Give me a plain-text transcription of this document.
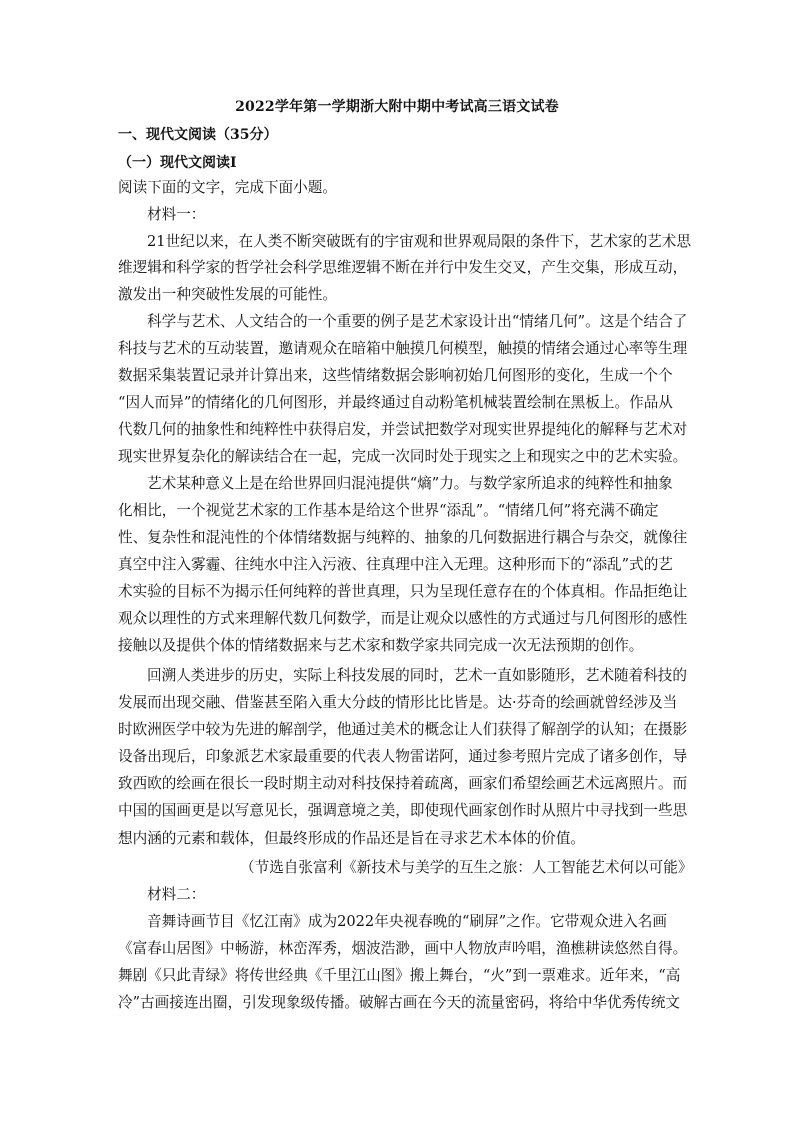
2022学年第一学期浙大附中期中考试高三语文试卷
一、现代文阅读（35分）
（一）现代文阅读Ⅰ
阅读下面的文字，完成下面小题。
材料一：
21世纪以来，在人类不断突破既有的宇宙观和世界观局限的条件下，艺术家的艺术思
维逻辑和科学家的哲学社会科学思维逻辑不断在并行中发生交叉，产生交集，形成互动，
激发出一种突破性发展的可能性。
科学与艺术、人文结合的一个重要的例子是艺术家设计出“情绪几何”。这是个结合了
科技与艺术的互动装置，邀请观众在暗箱中触摸几何模型，触摸的情绪会通过心率等生理
数据采集装置记录并计算出来，这些情绪数据会影响初始几何图形的变化，生成一个个
“因人而异”的情绪化的几何图形，并最终通过自动粉笔机械装置绘制在黑板上。作品从
代数几何的抽象性和纯粹性中获得启发，并尝试把数学对现实世界提纯化的解释与艺术对
现实世界复杂化的解读结合在一起，完成一次同时处于现实之上和现实之中的艺术实验。
艺术某种意义上是在给世界回归混沌提供“熵”力。与数学家所追求的纯粹性和抽象
化相比，一个视觉艺术家的工作基本是给这个世界“添乱”。“情绪几何”将充满不确定
性、复杂性和混沌性的个体情绪数据与纯粹的、抽象的几何数据进行耦合与杂交，就像往
真空中注入雾霾、往纯水中注入污液、往真理中注入无理。这种形而下的“添乱”式的艺
术实验的目标不为揭示任何纯粹的普世真理，只为呈现任意存在的个体真相。作品拒绝让
观众以理性的方式来理解代数几何数学，而是让观众以感性的方式通过与几何图形的感性
接触以及提供个体的情绪数据来与艺术家和数学家共同完成一次无法预期的创作。
回溯人类进步的历史，实际上科技发展的同时，艺术一直如影随形，艺术随着科技的
发展而出现交融、借鉴甚至陷入重大分歧的情形比比皆是。达·芬奇的绘画就曾经涉及当
时欧洲医学中较为先进的解剖学，他通过美术的概念让人们获得了解剖学的认知；在摄影
设备出现后，印象派艺术家最重要的代表人物雷诺阿，通过参考照片完成了诸多创作，导
致西欧的绘画在很长一段时期主动对科技保持着疏离，画家们希望绘画艺术远离照片。而
中国的国画更是以写意见长，强调意境之美，即使现代画家创作时从照片中寻找到一些思
想内涵的元素和载体，但最终形成的作品还是旨在寻求艺术本体的价值。
（节选自张富利《新技术与美学的互生之旅：人工智能艺术何以可能》
材料二：
音舞诗画节目《忆江南》成为2022年央视春晚的“刷屏”之作。它带观众进入名画
《富春山居图》中畅游，林峦浑秀，烟波浩渺，画中人物放声吟唱，渔樵耕读悠然自得。
舞剧《只此青绿》将传世经典《千里江山图》搬上舞台，“火”到一票难求。近年来，“高
冷”古画接连出圈，引发现象级传播。破解古画在今天的流量密码，将给中华优秀传统文
